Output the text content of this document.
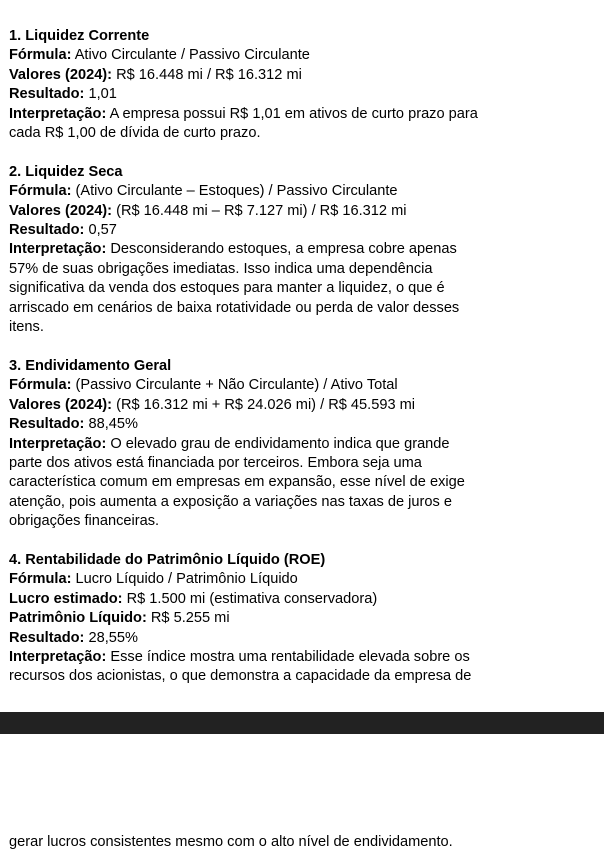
1. Liquidez Corrente
Fórmula: Ativo Circulante / Passivo Circulante
Valores (2024): R$ 16.448 mi / R$ 16.312 mi
Resultado: 1,01
Interpretação: A empresa possui R$ 1,01 em ativos de curto prazo para
cada R$ 1,00 de dívida de curto prazo.
2. Liquidez Seca
Fórmula: (Ativo Circulante – Estoques) / Passivo Circulante
Valores (2024): (R$ 16.448 mi – R$ 7.127 mi) / R$ 16.312 mi
Resultado: 0,57
Interpretação: Desconsiderando estoques, a empresa cobre apenas
57% de suas obrigações imediatas. Isso indica uma dependência
significativa da venda dos estoques para manter a liquidez, o que é
arriscado em cenários de baixa rotatividade ou perda de valor desses
itens.
3. Endividamento Geral
Fórmula: (Passivo Circulante + Não Circulante) / Ativo Total
Valores (2024): (R$ 16.312 mi + R$ 24.026 mi) / R$ 45.593 mi
Resultado: 88,45%
Interpretação: O elevado grau de endividamento indica que grande
parte dos ativos está financiada por terceiros. Embora seja uma
característica comum em empresas em expansão, esse nível de exige
atenção, pois aumenta a exposição a variações nas taxas de juros e
obrigações financeiras.
4. Rentabilidade do Patrimônio Líquido (ROE)
Fórmula: Lucro Líquido / Patrimônio Líquido
Lucro estimado: R$ 1.500 mi (estimativa conservadora)
Patrimônio Líquido: R$ 5.255 mi
Resultado: 28,55%
Interpretação: Esse índice mostra uma rentabilidade elevada sobre os
recursos dos acionistas, o que demonstra a capacidade da empresa de
gerar lucros consistentes mesmo com o alto nível de endividamento.
